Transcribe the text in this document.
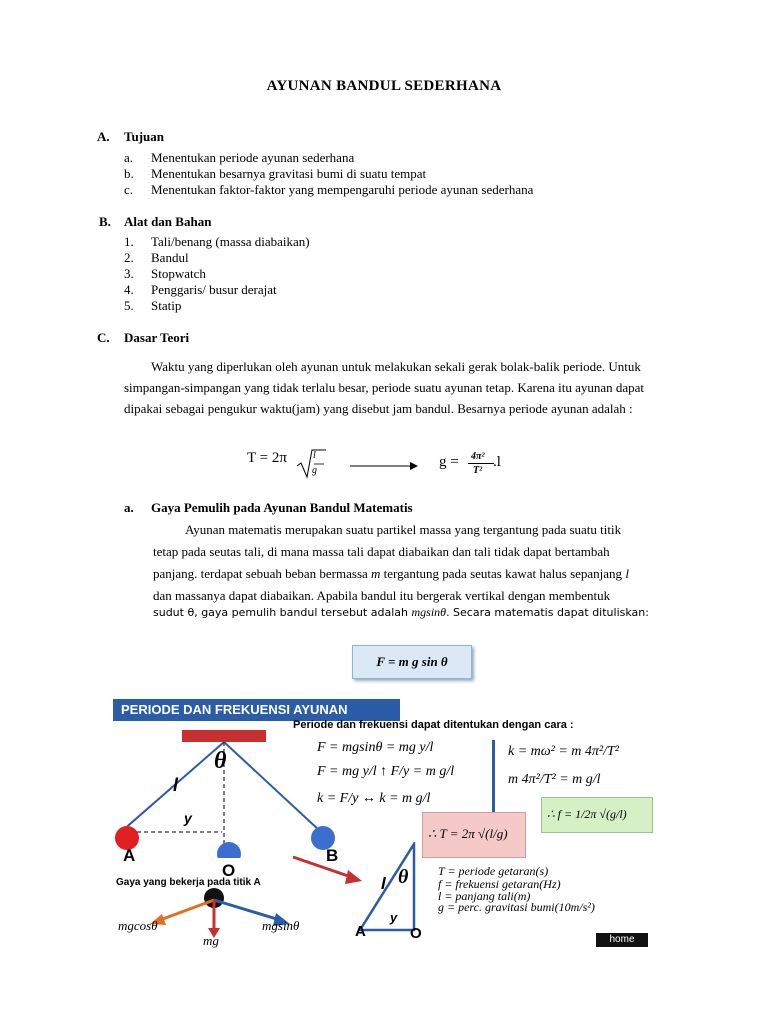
AYUNAN BANDUL SEDERHANA
A. Tujuan
a. Menentukan periode ayunan sederhana
b. Menentukan besarnya gravitasi bumi di suatu tempat
c. Menentukan faktor-faktor yang mempengaruhi periode ayunan sederhana
B. Alat dan Bahan
1. Tali/benang (massa diabaikan)
2. Bandul
3. Stopwatch
4. Penggaris/ busur derajat
5. Statip
C. Dasar Teori
Waktu yang diperlukan oleh ayunan untuk melakukan sekali gerak bolak-balik periode. Untuk simpangan-simpangan yang tidak terlalu besar, periode suatu ayunan tetap. Karena itu ayunan dapat dipakai sebagai pengukur waktu(jam) yang disebut jam bandul. Besarnya periode ayunan adalah :
T = 2π	l
g
g = 4π²
T²
.l
a. Gaya Pemulih pada Ayunan Bandul Matematis
Ayunan matematis merupakan suatu partikel massa yang tergantung pada suatu titik
tetap pada seutas tali, di mana massa tali dapat diabaikan dan tali tidak dapat bertambah
panjang. terdapat sebuah beban bermassa m tergantung pada seutas kawat halus sepanjang l
dan massanya dapat diabaikan. Apabila bandul itu bergerak vertikal dengan membentuk
sudut θ, gaya pemulih bandul tersebut adalah mgsinθ. Secara matematis dapat dituliskan:
F = m g sin θ
PERIODE DAN FREKUENSI AYUNAN
Periode dan frekuensi dapat ditentukan dengan cara :
θ
l
y
A
O
B
F = mgsinθ = mg y/l
F = mg y/l ↑ F/y = m g/l
k = F/y ↔ k = m g/l
k = mω² = m 4π²/T²
m 4π²/T² = m g/l
∴ f = 1/2π √(g/l)
∴ T = 2π √(l/g)
θ
l
y
A	O
T = periode getaran(s)
f = frekuensi getaran(Hz)
l = panjang tali(m)
g = perc. gravitasi bumi(10m/s²)
Gaya yang bekerja pada titik A
mgcosθ	mgsinθ
mg	home
